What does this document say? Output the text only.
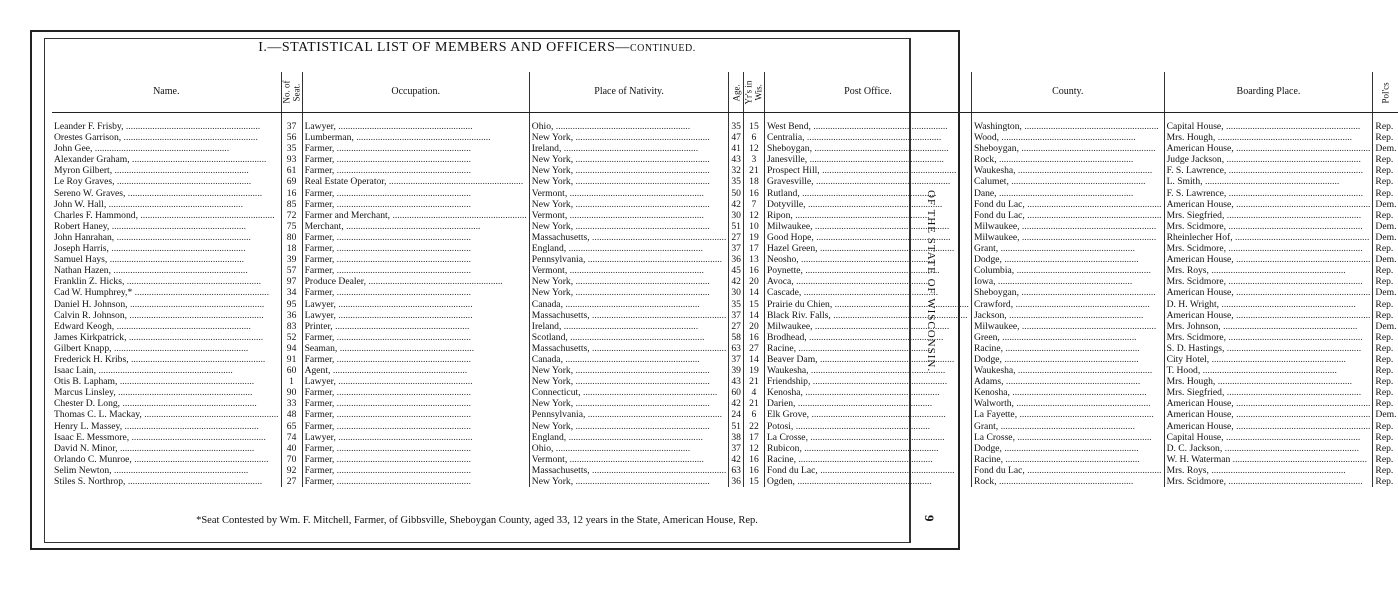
I.—STATISTICAL LIST OF MEMBERS AND OFFICERS—CONTINUED.
OF THE STATE OF WISCONSIN.
9
Name.	No. of Seat.	Occupation.	Place of Nativity.	Age.	Yr's in Wis.	Post Office.	County.	Boarding Place.	Pol'cs

Leander F. Frisby, .....	37	Lawyer, .....	Ohio, .....	35	15	West Bend, .....	Washington, .....	Capital House, .....	Rep.
Orestes Garrison, .....	56	Lumberman, .....	New York, .....	47	6	Centralia, .....	Wood, .....	Mrs. Hough, .....	Rep.
John Gee, .....	35	Farmer, .....	Ireland, .....	41	12	Sheboygan, .....	Sheboygan, .....	American House, .....	Dem.
Alexander Graham, .....	93	Farmer, .....	New York, .....	43	3	Janesville, .....	Rock, .....	Judge Jackson, .....	Rep.
Myron Gilbert, .....	61	Farmer, .....	New York, .....	32	21	Prospect Hill, .....	Waukesha, .....	F. S. Lawrence, .....	Rep.
Le Roy Graves, .....	69	Real Estate Operator, .....	New York, .....	35	18	Gravesville, .....	Calumet, .....	L. Smith, .....	Rep.
Sereno W. Graves, .....	16	Farmer, .....	Vermont, .....	50	16	Rutland, .....	Dane, .....	F. S. Lawrence, .....	Rep.
John W. Hall, .....	85	Farmer, .....	New York, .....	42	7	Dotyville, .....	Fond du Lac, .....	American House, .....	Dem.
Charles F. Hammond, .....	72	Farmer and Merchant, .....	Vermont, .....	30	12	Ripon, .....	Fond du Lac, .....	Mrs. Siegfried, .....	Rep.
Robert Haney, .....	75	Merchant, .....	New York, .....	51	10	Milwaukee, .....	Milwaukee, .....	Mrs. Scidmore, .....	Dem.
John Hanrahan, .....	80	Farmer, .....	Massachusetts, .....	27	19	Good Hope, .....	Milwaukee, .....	Rheinlecher Hof, .....	Dem.
Joseph Harris, .....	18	Farmer, .....	England, .....	37	17	Hazel Green, .....	Grant, .....	Mrs. Scidmore, .....	Rep.
Samuel Hays, .....	39	Farmer, .....	Pennsylvania, .....	36	13	Neosho, .....	Dodge, .....	American House, .....	Dem.
Nathan Hazen, .....	57	Farmer, .....	Vermont, .....	45	16	Poynette, .....	Columbia, .....	Mrs. Roys, .....	Rep.
Franklin Z. Hicks, .....	97	Produce Dealer, .....	New York, .....	42	20	Avoca, .....	Iowa, .....	Mrs. Scidmore, .....	Rep.
Cad W. Humphrey,* .....	34	Farmer, .....	New York, .....	30	14	Cascade, .....	Sheboygan, .....	American House, .....	Dem.
Daniel H. Johnson, .....	95	Lawyer, .....	Canada, .....	35	15	Prairie du Chien, .....	Crawford, .....	D. H. Wright, .....	Rep.
Calvin R. Johnson, .....	36	Lawyer, .....	Massachusetts, .....	37	14	Black Riv. Falls, .....	Jackson, .....	American House, .....	Rep.
Edward Keogh, .....	83	Printer, .....	Ireland, .....	27	20	Milwaukee, .....	Milwaukee, .....	Mrs. Johnson, .....	Dem.
James Kirkpatrick, .....	52	Farmer, .....	Scotland, .....	58	16	Brodhead, .....	Green, .....	Mrs. Scidmore, .....	Rep.
Gilbert Knapp, .....	94	Seaman, .....	Massachusetts, .....	63	27	Racine, .....	Racine, .....	S. D. Hastings, .....	Rep.
Frederick H. Kribs, .....	91	Farmer, .....	Canada, .....	37	14	Beaver Dam, .....	Dodge, .....	City Hotel, .....	Rep.
Isaac Lain, .....	60	Agent, .....	New York, .....	39	19	Waukesha, .....	Waukesha, .....	T. Hood, .....	Rep.
Otis B. Lapham, .....	1	Lawyer, .....	New York, .....	43	21	Friendship, .....	Adams, .....	Mrs. Hough, .....	Rep.
Marcus Linsley, .....	90	Farmer, .....	Connecticut, .....	60	4	Kenosha, .....	Kenosha, .....	Mrs. Siegfried, .....	Rep.
Chester D. Long, .....	33	Farmer, .....	New York, .....	42	21	Darien, .....	Walworth, .....	American House, .....	Rep.
Thomas C. L. Mackay, .....	48	Farmer, .....	Pennsylvania, .....	24	6	Elk Grove, .....	La Fayette, .....	American House, .....	Dem.
Henry L. Massey, .....	65	Farmer, .....	New York, .....	51	22	Potosi, .....	Grant, .....	American House, .....	Rep.
Isaac E. Messmore, .....	74	Lawyer, .....	England, .....	38	17	La Crosse, .....	La Crosse, .....	Capital House, .....	Rep.
David N. Minor, .....	40	Farmer, .....	Ohio, .....	37	12	Rubicon, .....	Dodge, .....	D. C. Jackson, .....	Rep.
Orlando C. Munroe, .....	70	Farmer, .....	Vermont, .....	42	16	Racine, .....	Racine, .....	W. H. Waterman .....	Rep.
Selim Newton, .....	92	Farmer, .....	Massachusetts, .....	63	16	Fond du Lac, .....	Fond du Lac, .....	Mrs. Roys, .....	Rep.
Stiles S. Northrop, .....	27	Farmer, .....	New York, .....	36	15	Ogden, .....	Rock, .....	Mrs. Scidmore, .....	Rep.
*Seat Contested by Wm. F. Mitchell, Farmer, of Gibbsville, Sheboygan County, aged 33, 12 years in the State, American House, Rep.
